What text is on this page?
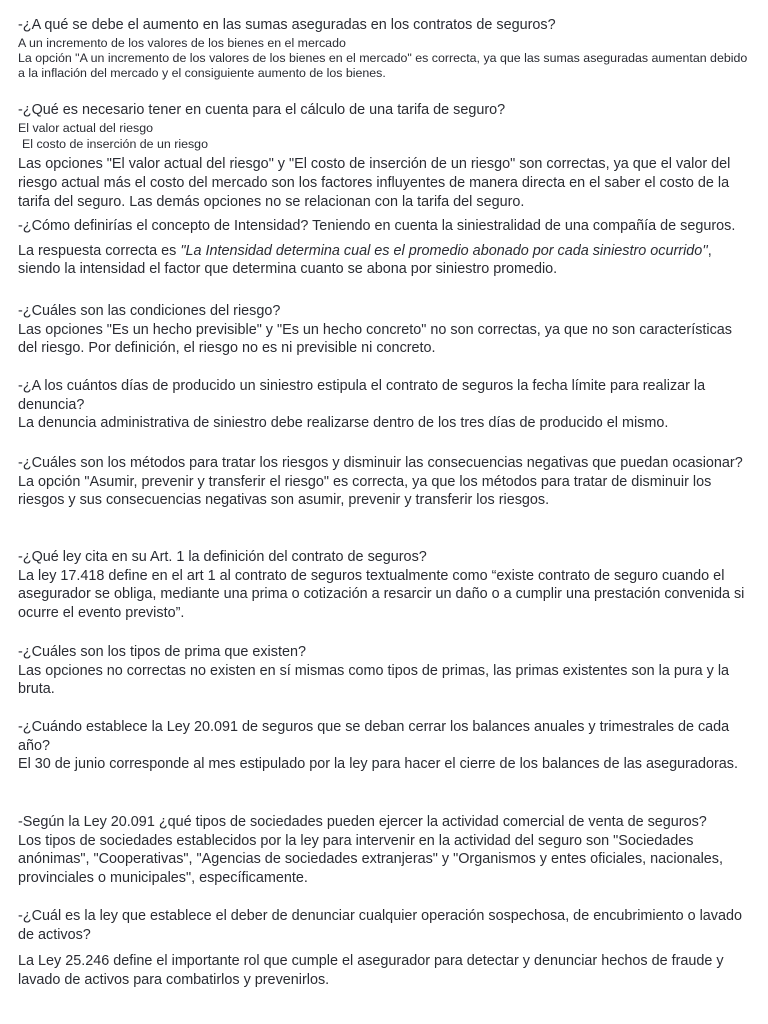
-¿A qué se debe el aumento en las sumas aseguradas en los contratos de seguros?

A un incremento de los valores de los bienes en el mercado

La opción "A un incremento de los valores de los bienes en el mercado" es correcta, ya que las sumas aseguradas aumentan debido a la inflación del mercado y el consiguiente aumento de los bienes.

-¿Qué es necesario tener en cuenta para el cálculo de una tarifa de seguro?

El valor actual del riesgo

El costo de inserción de un riesgo

Las opciones "El valor actual del riesgo" y "El costo de inserción de un riesgo" son correctas, ya que el valor del riesgo actual más el costo del mercado son los factores influyentes de manera directa en el saber el costo de la tarifa del seguro. Las demás opciones no se relacionan con la tarifa del seguro.

-¿Cómo definirías el concepto de Intensidad? Teniendo en cuenta la siniestralidad de una compañía de seguros.

La respuesta correcta es "La Intensidad determina cual es el promedio abonado por cada siniestro ocurrido'', siendo la intensidad el factor que determina cuanto se abona por siniestro promedio.

-¿Cuáles son las condiciones del riesgo?

Las opciones "Es un hecho previsible" y "Es un hecho concreto" no son correctas, ya que no son características del riesgo. Por definición, el riesgo no es ni previsible ni concreto.

-¿A los cuántos días de producido un siniestro estipula el contrato de seguros la fecha límite para realizar la denuncia?

La denuncia administrativa de siniestro debe realizarse dentro de los tres días de producido el mismo.

-¿Cuáles son los métodos para tratar los riesgos y disminuir las consecuencias negativas que puedan ocasionar?

La opción "Asumir, prevenir y transferir el riesgo" es correcta, ya que los métodos para tratar de disminuir los riesgos y sus consecuencias negativas son asumir, prevenir y transferir los riesgos.

-¿Qué ley cita en su Art. 1 la definición del contrato de seguros?

La ley 17.418 define en el art 1 al contrato de seguros textualmente como “existe contrato de seguro cuando el asegurador se obliga, mediante una prima o cotización a resarcir un daño o a cumplir una prestación convenida si ocurre el evento previsto”.

-¿Cuáles son los tipos de prima que existen?

Las opciones no correctas no existen en sí mismas como tipos de primas, las primas existentes son la pura y la bruta.

-¿Cuándo establece la Ley 20.091 de seguros que se deban cerrar los balances anuales y trimestrales de cada año?

El 30 de junio corresponde al mes estipulado por la ley para hacer el cierre de los balances de las aseguradoras.

-Según la Ley 20.091 ¿qué tipos de sociedades pueden ejercer la actividad comercial de venta de seguros?

Los tipos de sociedades establecidos por la ley para intervenir en la actividad del seguro son "Sociedades anónimas", "Cooperativas", "Agencias de sociedades extranjeras" y "Organismos y entes oficiales, nacionales, provinciales o municipales", específicamente.

-¿Cuál es la ley que establece el deber de denunciar cualquier operación sospechosa, de encubrimiento o lavado de activos?

La Ley 25.246 define el importante rol que cumple el asegurador para detectar y denunciar hechos de fraude y lavado de activos para combatirlos y prevenirlos.
